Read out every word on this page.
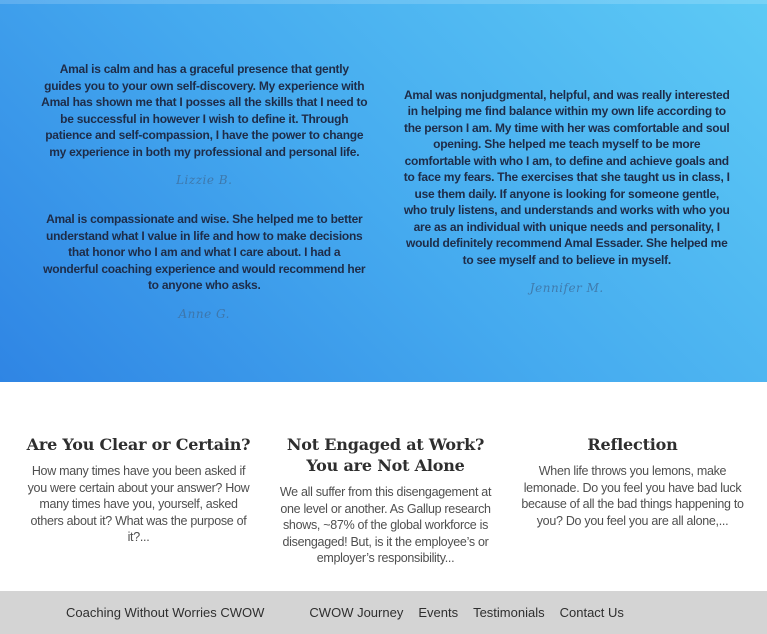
Amal is calm and has a graceful presence that gently guides you to your own self-discovery. My experience with Amal has shown me that I posses all the skills that I need to be successful in however I wish to define it. Through patience and self-compassion, I have the power to change my experience in both my professional and personal life.

Lizzie B.

Amal is compassionate and wise. She helped me to better understand what I value in life and how to make decisions that honor who I am and what I care about. I had a wonderful coaching experience and would recommend her to anyone who asks.

Anne G.

Amal was nonjudgmental, helpful, and was really interested in helping me find balance within my own life according to the person I am. My time with her was comfortable and soul opening. She helped me teach myself to be more comfortable with who I am, to define and achieve goals and to face my fears. The exercises that she taught us in class, I use them daily. If anyone is looking for someone gentle, who truly listens, and understands and works with who you are as an individual with unique needs and personality, I would definitely recommend Amal Essader. She helped me to see myself and to believe in myself.

Jennifer M.

Are You Clear or Certain?

How many times have you been asked if you were certain about your answer? How many times have you, yourself, asked others about it? What was the purpose of it?...

Not Engaged at Work? You are Not Alone

We all suffer from this disengagement at one level or another. As Gallup research shows, ~87% of the global workforce is disengaged! But, is it the employee’s or employer’s responsibility...

Reflection

When life throws you lemons, make lemonade. Do you feel you have bad luck because of all the bad things happening to you? Do you feel you are all alone,...

Coaching Without Worries CWOW	CWOW Journey Events Testimonials Contact Us
